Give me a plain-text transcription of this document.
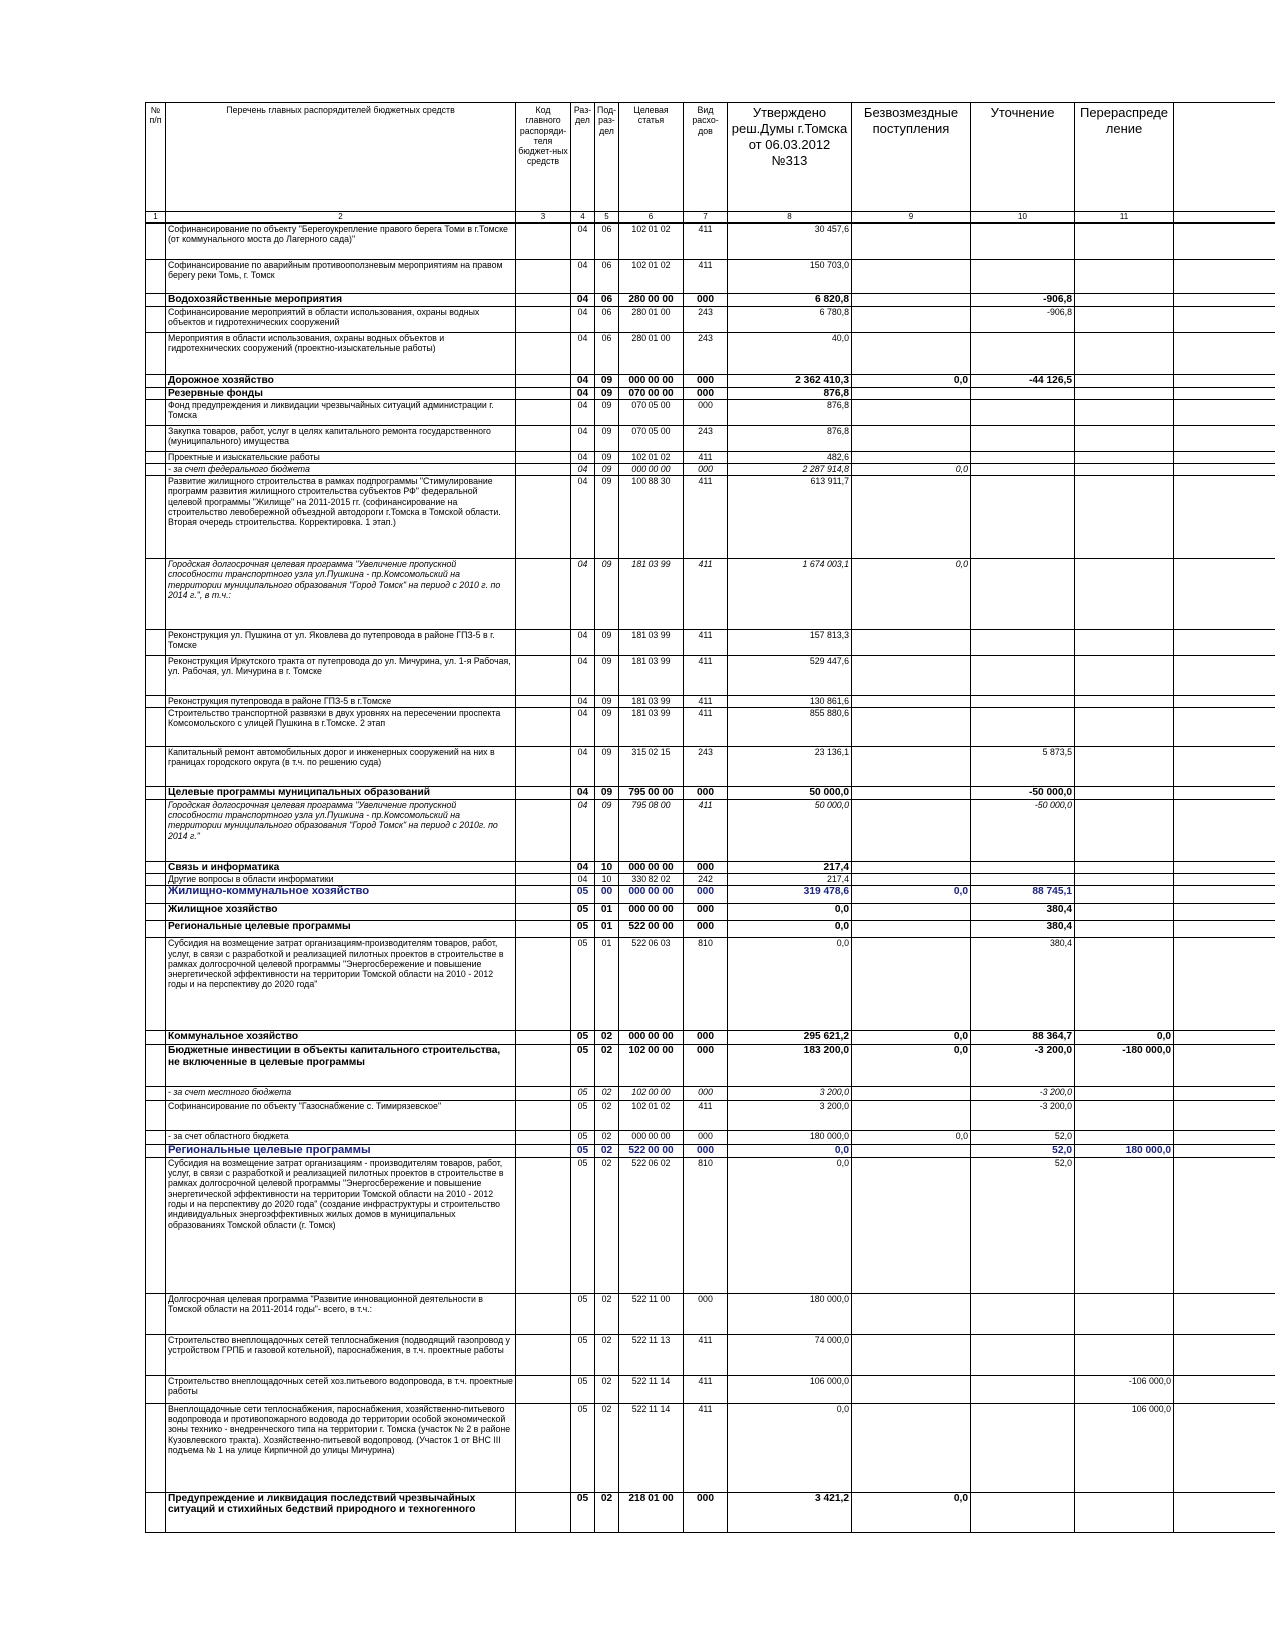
№ п/п	Перечень главных распорядителей бюджетных средств	Код главного распоряди-теля бюджет-ных средств	Раз-дел	Под-раз-дел	Целевая статья	Вид расхо-дов	Утверждено реш.Думы г.Томска от 06.03.2012 №313	Безвозмездные поступления	Уточнение	Перераспреде ление	
1	2	3	4	5	6	7	8	9	10	11	
	Софинансирование по объекту "Берегоукрепление правого берега Томи в г.Томске (от коммунального моста до Лагерного сада)"		04	06	102 01 02	411	30 457,6				
	Софинансирование по аварийным противооползневым мероприятиям на правом берегу реки Томь, г. Томск		04	06	102 01 02	411	150 703,0				
	Водохозяйственные мероприятия		04	06	280 00 00	000	6 820,8		-906,8		
	Софинансирование мероприятий в области использования, охраны водных объектов и гидротехнических сооружений		04	06	280 01 00	243	6 780,8		-906,8		
	Мероприятия в области использования, охраны водных объектов и гидротехнических сооружений (проектно-изыскательные работы)		04	06	280 01 00	243	40,0				
	Дорожное хозяйство		04	09	000 00 00	000	2 362 410,3	0,0	-44 126,5		
	Резервные фонды		04	09	070 00 00	000	876,8				
	Фонд предупреждения и ликвидации чрезвычайных ситуаций администрации г. Томска		04	09	070 05 00	000	876,8				
	Закупка товаров, работ, услуг в целях капитального ремонта государственного (муниципального) имущества		04	09	070 05 00	243	876,8				
	Проектные и изыскательские работы		04	09	102 01 02	411	482,6				
	- за счет федерального бюджета		04	09	000 00 00	000	2 287 914,8	0,0			
	Развитие жилищного строительства в рамках подпрограммы "Стимулирование программ развития жилищного строительства субъектов РФ" федеральной целевой программы "Жилище" на 2011-2015 гг. (софинансирование на строительство левобережной объездной автодороги г.Томска в Томской области. Вторая очередь строительства. Корректировка. 1 этап.)		04	09	100 88 30	411	613 911,7				
	Городская долгосрочная целевая программа "Увеличение пропускной способности транспортного узла ул.Пушкина - пр.Комсомольский на территории муниципального образования "Город Томск" на период с 2010 г. по 2014 г.", в т.ч.:		04	09	181 03 99	411	1 674 003,1	0,0			
	Реконструкция ул. Пушкина от ул. Яковлева до путепровода в районе ГПЗ-5 в г. Томске		04	09	181 03 99	411	157 813,3				
	Реконструкция Иркутского тракта от путепровода до ул. Мичурина, ул. 1-я Рабочая, ул. Рабочая, ул. Мичурина в г. Томске		04	09	181 03 99	411	529 447,6				
	Реконструкция путепровода в районе ГПЗ-5 в г.Томске		04	09	181 03 99	411	130 861,6				
	Строительство транспортной развязки в двух уровнях на пересечении проспекта Комсомольского с улицей Пушкина в г.Томске. 2 этап		04	09	181 03 99	411	855 880,6				
	Капитальный ремонт автомобильных дорог и инженерных сооружений на них в границах городского округа (в т.ч. по решению суда)		04	09	315 02 15	243	23 136,1		5 873,5		
	Целевые программы муниципальных образований		04	09	795 00 00	000	50 000,0		-50 000,0		
	Городская долгосрочная целевая программа "Увеличение пропускной способности транспортного узла ул.Пушкина - пр.Комсомольский на территории муниципального образования "Город Томск" на период с 2010г. по 2014 г."		04	09	795 08 00	411	50 000,0		-50 000,0		
	Связь и информатика		04	10	000 00 00	000	217,4				
	Другие вопросы в области информатики		04	10	330 82 02	242	217,4				
	Жилищно-коммунальное хозяйство		05	00	000 00 00	000	319 478,6	0,0	88 745,1		
	Жилищное хозяйство		05	01	000 00 00	000	0,0		380,4		
	Региональные целевые программы		05	01	522 00 00	000	0,0		380,4		
	Субсидия на возмещение затрат организациям-производителям товаров, работ, услуг, в связи с разработкой и реализацией пилотных проектов в строительстве в рамках долгосрочной целевой программы "Энергосбережение и повышение энергетической эффективности на территории Томской области на 2010 - 2012 годы и на перспективу до 2020 года"		05	01	522 06 03	810	0,0		380,4		
	Коммунальное хозяйство		05	02	000 00 00	000	295 621,2	0,0	88 364,7	0,0	
	Бюджетные инвестиции в объекты капитального строительства, не включенные в целевые программы		05	02	102 00 00	000	183 200,0	0,0	-3 200,0	-180 000,0	
	- за счет местного бюджета		05	02	102 00 00	000	3 200,0		-3 200,0		
	Софинансирование по объекту "Газоснабжение с. Тимирязевское"		05	02	102 01 02	411	3 200,0		-3 200,0		
	- за счет областного бюджета		05	02	000 00 00	000	180 000,0	0,0	52,0		
	Региональные целевые программы		05	02	522 00 00	000	0,0		52,0	180 000,0	
	Субсидия на возмещение затрат организациям - производителям товаров, работ, услуг, в связи с разработкой и реализацией пилотных проектов в строительстве в рамках долгосрочной целевой программы "Энергосбережение и повышение энергетической эффективности на территории Томской области на 2010 - 2012 годы и на перспективу до 2020 года" (создание инфраструктуры и строительство индивидуальных энергоэффективных жилых домов в муниципальных образованиях Томской области (г. Томск)		05	02	522 06 02	810	0,0		52,0		
	Долгосрочная целевая программа "Развитие инновационной деятельности в Томской области на 2011-2014 годы"- всего, в т.ч.:		05	02	522 11 00	000	180 000,0				
	Строительство внеплощадочных сетей теплоснабжения (подводящий газопровод у устройством ГРПБ и газовой котельной), пароснабжения, в т.ч. проектные работы		05	02	522 11 13	411	74 000,0				
	Строительство внеплощадочных сетей хоз.питьевого водопровода, в т.ч. проектные работы		05	02	522 11 14	411	106 000,0			-106 000,0	
	Внеплощадочные сети теплоснабжения, пароснабжения, хозяйственно-питьевого водопровода и противопожарного водовода до территории особой экономической зоны технико - внедренческого типа на территории г. Томска (участок № 2 в районе Кузовлевского тракта). Хозяйственно-питьевой водопровод. (Участок 1 от ВНС III подъема № 1 на улице Кирпичной до улицы Мичурина)		05	02	522 11 14	411	0,0			106 000,0	
	Предупреждение и ликвидация последствий чрезвычайных ситуаций и стихийных бедствий природного и техногенного		05	02	218 01 00	000	3 421,2	0,0			
